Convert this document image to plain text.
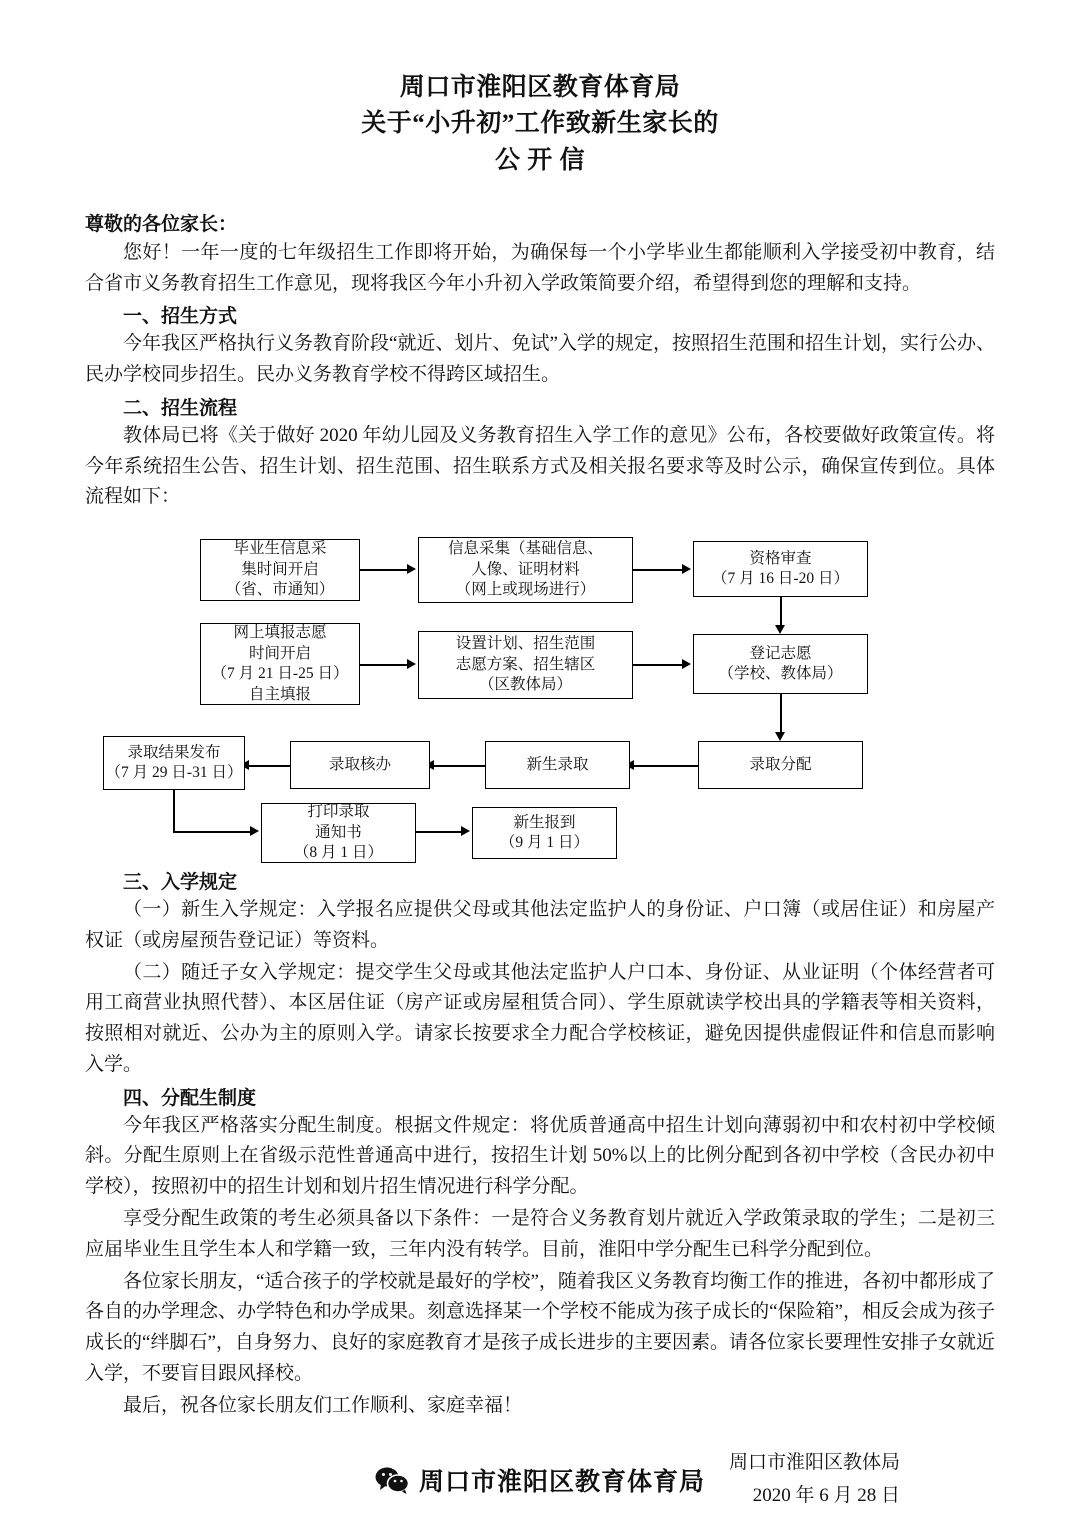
周口市淮阳区教育体育局
关于“小升初”工作致新生家长的
公 开 信
尊敬的各位家长：

您好！一年一度的七年级招生工作即将开始，为确保每一个小学毕业生都能顺利入学接受初中教育，结合省市义务教育招生工作意见，现将我区今年小升初入学政策简要介绍，希望得到您的理解和支持。

一、招生方式

今年我区严格执行义务教育阶段“就近、划片、免试”入学的规定，按照招生范围和招生计划，实行公办、民办学校同步招生。民办义务教育学校不得跨区域招生。

二、招生流程

教体局已将《关于做好 2020 年幼儿园及义务教育招生入学工作的意见》公布，各校要做好政策宣传。将今年系统招生公告、招生计划、招生范围、招生联系方式及相关报名要求等及时公示，确保宣传到位。具体流程如下：

毕业生信息采
集时间开启
（省、市通知）
信息采集（基础信息、
人像、证明材料
（网上或现场进行）
资格审查
（7 月 16 日-20 日）
网上填报志愿
时间开启
（7 月 21 日-25 日）
自主填报
设置计划、招生范围
志愿方案、招生辖区
（区教体局）
登记志愿
（学校、教体局）
录取分配
新生录取
录取核办
录取结果发布
（7 月 29 日-31 日）
打印录取
通知书
（8 月 1 日）
新生报到
（9 月 1 日）
三、入学规定

（一）新生入学规定：入学报名应提供父母或其他法定监护人的身份证、户口簿（或居住证）和房屋产权证（或房屋预告登记证）等资料。

（二）随迁子女入学规定：提交学生父母或其他法定监护人户口本、身份证、从业证明（个体经营者可用工商营业执照代替）、本区居住证（房产证或房屋租赁合同）、学生原就读学校出具的学籍表等相关资料，按照相对就近、公办为主的原则入学。请家长按要求全力配合学校核证，避免因提供虚假证件和信息而影响入学。

四、分配生制度

今年我区严格落实分配生制度。根据文件规定：将优质普通高中招生计划向薄弱初中和农村初中学校倾斜。分配生原则上在省级示范性普通高中进行，按招生计划 50%以上的比例分配到各初中学校（含民办初中学校），按照初中的招生计划和划片招生情况进行科学分配。

享受分配生政策的考生必须具备以下条件：一是符合义务教育划片就近入学政策录取的学生；二是初三应届毕业生且学生本人和学籍一致，三年内没有转学。目前，淮阳中学分配生已科学分配到位。

各位家长朋友，“适合孩子的学校就是最好的学校”，随着我区义务教育均衡工作的推进，各初中都形成了各自的办学理念、办学特色和办学成果。刻意选择某一个学校不能成为孩子成长的“保险箱”，相反会成为孩子成长的“绊脚石”，自身努力、良好的家庭教育才是孩子成长进步的主要因素。请各位家长要理性安排子女就近入学，不要盲目跟风择校。

最后，祝各位家长朋友们工作顺利、家庭幸福！

周口市淮阳区教体局
2020 年 6 月 28 日
周口市淮阳区教育体育局
